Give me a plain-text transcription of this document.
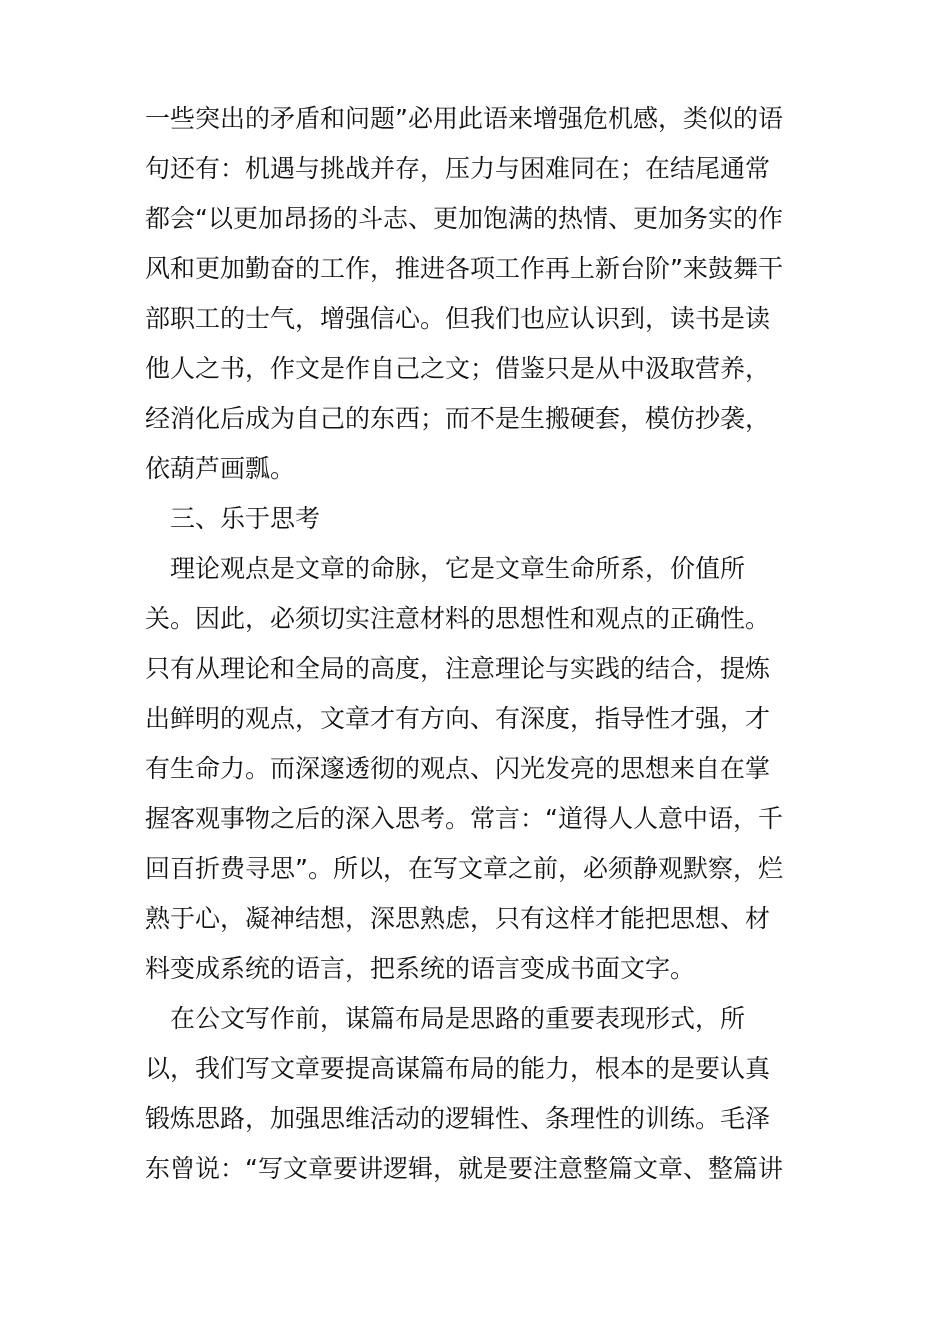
一些突出的矛盾和问题”必用此语来增强危机感，类似的语
句还有：机遇与挑战并存，压力与困难同在；在结尾通常
都会“以更加昂扬的斗志、更加饱满的热情、更加务实的作
风和更加勤奋的工作，推进各项工作再上新台阶”来鼓舞干
部职工的士气，增强信心。但我们也应认识到，读书是读
他人之书，作文是作自己之文；借鉴只是从中汲取营养，
经消化后成为自己的东西；而不是生搬硬套，模仿抄袭，
依葫芦画瓢。
三、乐于思考
理论观点是文章的命脉，它是文章生命所系，价值所
关。因此，必须切实注意材料的思想性和观点的正确性。
只有从理论和全局的高度，注意理论与实践的结合，提炼
出鲜明的观点，文章才有方向、有深度，指导性才强，才
有生命力。而深邃透彻的观点、闪光发亮的思想来自在掌
握客观事物之后的深入思考。常言：“道得人人意中语，千
回百折费寻思”。所以，在写文章之前，必须静观默察，烂
熟于心，凝神结想，深思熟虑，只有这样才能把思想、材
料变成系统的语言，把系统的语言变成书面文字。
在公文写作前，谋篇布局是思路的重要表现形式，所
以，我们写文章要提高谋篇布局的能力，根本的是要认真
锻炼思路，加强思维活动的逻辑性、条理性的训练。毛泽
东曾说：“写文章要讲逻辑，就是要注意整篇文章、整篇讲
